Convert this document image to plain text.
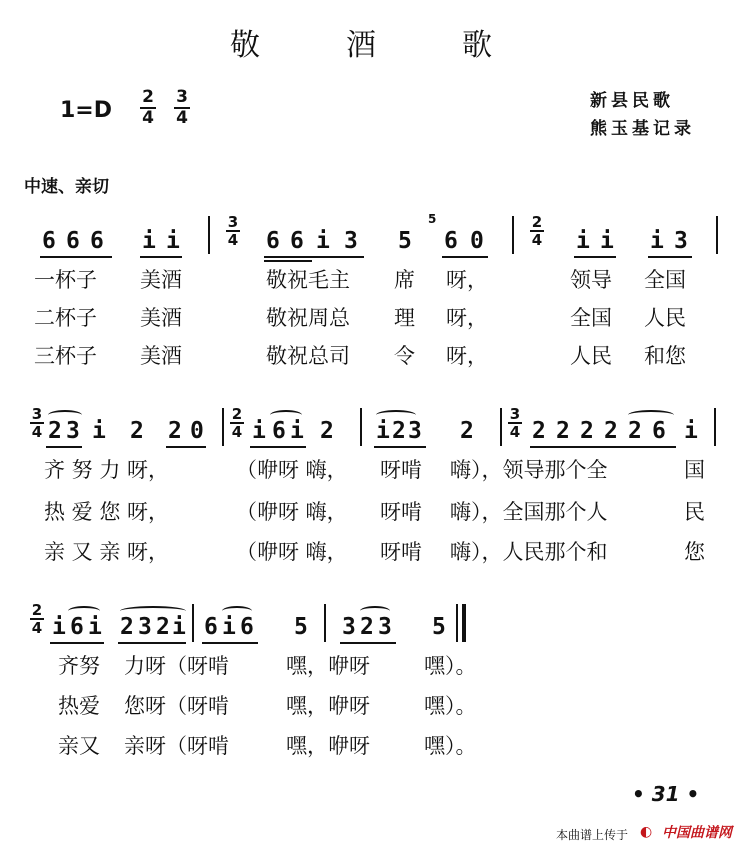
敬　酒　歌
1=D
2
4
3
4
新县民歌
熊玉基记录
中速、亲切
6 6 6 i i
3
4 6 6 i 3 5
5
6 0
2
4 i i i 3
一杯子 美酒	敬祝毛主 席 呀，	领导 全国
二杯子 美酒	敬祝周总 理 呀，	全国 人民
三杯子 美酒	敬祝总司 令 呀，	人民 和您
3
4 2 3 i 2 2 0
2
4 i 6 i 2 i 2 3 2
3
4 2 2 2 2 2 6 i
齐 努 力 呀，	（咿呀 嗨， 呀啃 嗨），领导那个全	国
热 爱 您 呀，	（咿呀 嗨， 呀啃 嗨），全国那个人	民
亲 又 亲 呀，	（咿呀 嗨， 呀啃 嗨），人民那个和	您
2
4 i 6 i 2 3 2 i 6 i 6 5 3 2 3 5
齐努 力呀（呀啃	嘿，咿呀	嘿）。
热爱 您呀（呀啃	嘿，咿呀	嘿）。
亲又 亲呀（呀啃	嘿，咿呀	嘿）。
• 31 •
本曲谱上传于 中国曲谱网
◐
